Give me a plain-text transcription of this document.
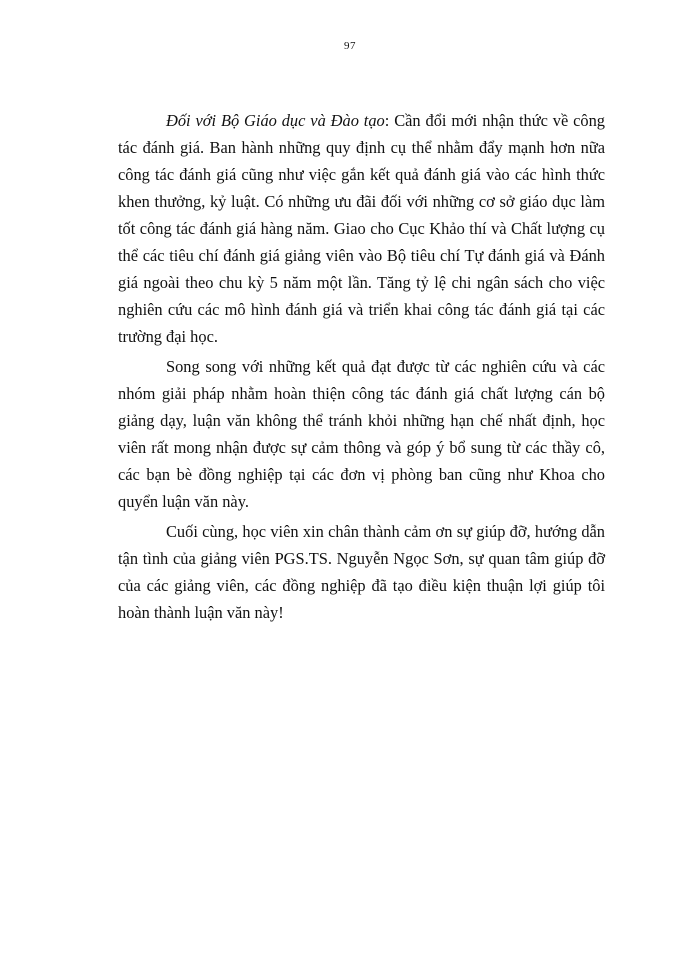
97

Đối với Bộ Giáo dục và Đào tạo: Cần đổi mới nhận thức về công tác đánh giá. Ban hành những quy định cụ thể nhằm đẩy mạnh hơn nữa công tác đánh giá cũng như việc gắn kết quả đánh giá vào các hình thức khen thưởng, kỷ luật. Có những ưu đãi đối với những cơ sở giáo dục làm tốt công tác đánh giá hàng năm. Giao cho Cục Khảo thí và Chất lượng cụ thể các tiêu chí đánh giá giảng viên vào Bộ tiêu chí Tự đánh giá và Đánh giá ngoài theo chu kỳ 5 năm một lần. Tăng tỷ lệ chi ngân sách cho việc nghiên cứu các mô hình đánh giá và triển khai công tác đánh giá tại các trường đại học.

Song song với những kết quả đạt được từ các nghiên cứu và các nhóm giải pháp nhằm hoàn thiện công tác đánh giá chất lượng cán bộ giảng dạy, luận văn không thể tránh khỏi những hạn chế nhất định, học viên rất mong nhận được sự cảm thông và góp ý bổ sung từ các thầy cô, các bạn bè đồng nghiệp tại các đơn vị phòng ban cũng như Khoa cho quyển luận văn này.

Cuối cùng, học viên xin chân thành cảm ơn sự giúp đỡ, hướng dẫn tận tình của giảng viên PGS.TS. Nguyễn Ngọc Sơn, sự quan tâm giúp đỡ của các giảng viên, các đồng nghiệp đã tạo điều kiện thuận lợi giúp tôi hoàn thành luận văn này!
